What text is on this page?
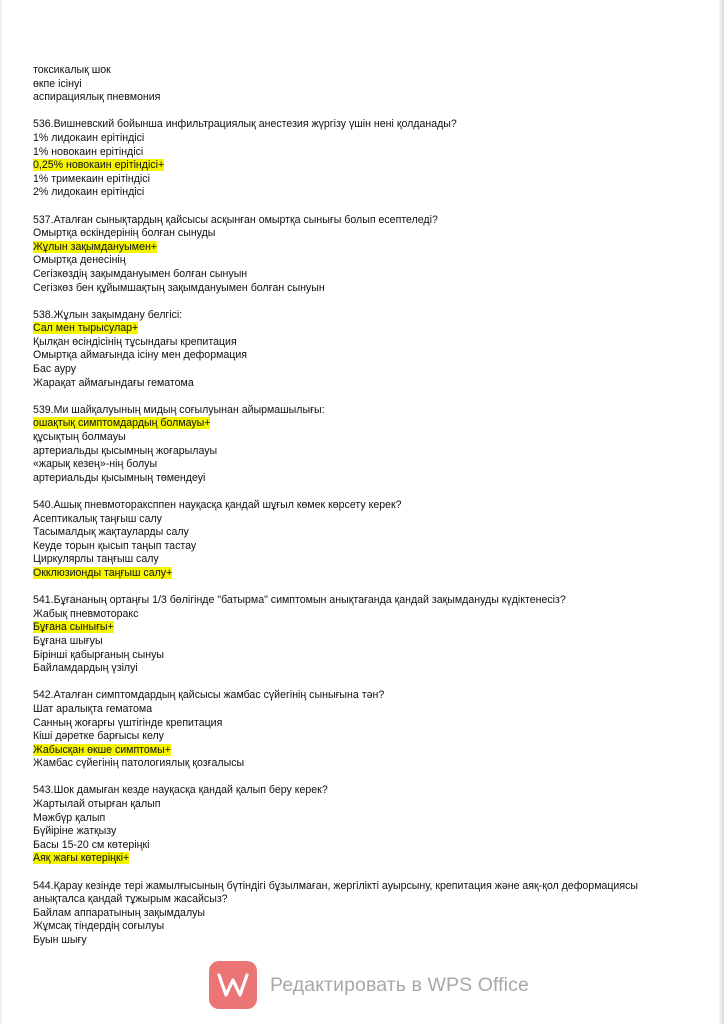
токсикалық шок
өкпе ісінуі
аспирациялық пневмония
536.Вишневский бойынша инфильтрациялық анестезия жүргізу үшін нені қолданады?
1% лидокаин ерітіндісі
1% новокаин ерітіндісі
0,25% новокаин ерітіндісі+
1% тримекаин ерітіндісі
2% лидокаин ерітіндісі
537.Аталған сынықтардың қайсысы асқынған омыртқа сынығы болып есептеледі?
Омыртқа өскіндерінің болған сынуды
Жұлын зақымдануымен+
Омыртқа денесінің
Сегізкөздің зақымдануымен болған сынуын
Сегізкөз бен құйымшақтың зақымдануымен болған сынуын
538.Жұлын зақымдану белгісі:
Сал мен тырысулар+
Қылқан өсіндісінің тұсындағы крепитация
Омыртқа аймағында ісіну мен деформация
Бас ауру
Жарақат аймағындағы гематома
539.Ми шайқалуының мидың соғылуынан айырмашылығы:
ошақтық симптомдардың болмауы+
құсықтың болмауы
артериальды қысымның жоғарылауы
«жарық кезең»-нің болуы
артериальды қысымның төмендеуі
540.Ашық пневмотораксппен науқасқа қандай шұғыл көмек көрсету керек?
Асептикалық таңғыш салу
Тасымалдық жақтауларды салу
Кеуде торын қысып таңып тастау
Циркулярлы таңғыш салу
Окклюзионды таңғыш салу+
541.Бұғананың ортаңғы 1/3 бөлігінде "батырма" симптомын анықтағанда қандай зақымдануды күдіктенесіз?
Жабық пневмоторакс
Бұғана сынығы+
Бұғана шығуы
Бірінші қабырғаның сынуы
Байламдардың үзілуі
542.Аталған симптомдардың қайсысы жамбас сүйегінің сынығына тән?
Шат аралықта гематома
Санның жоғарғы үштігінде крепитация
Кіші дәретке барғысы келу
Жабысқан өкше симптомы+
Жамбас сүйегінің патологиялық қозғалысы
543.Шок дамыған кезде науқасқа қандай қалып беру керек?
Жартылай отырған қалып
Мәжбүр қалып
Бүйіріне жатқызу
Басы 15-20 см көтеріңкі
Аяқ жағы көтеріңкі+
544.Қарау кезінде тері жамылғысының бүтіндігі бұзылмаған, жергілікті ауырсыну, крепитация және аяқ-қол деформациясы
анықталса қандай тұжырым жасайсыз?
Байлам аппаратының зақымдалуы
Жұмсақ тіндердің соғылуы
Буын шығу
Редактировать в WPS Office
